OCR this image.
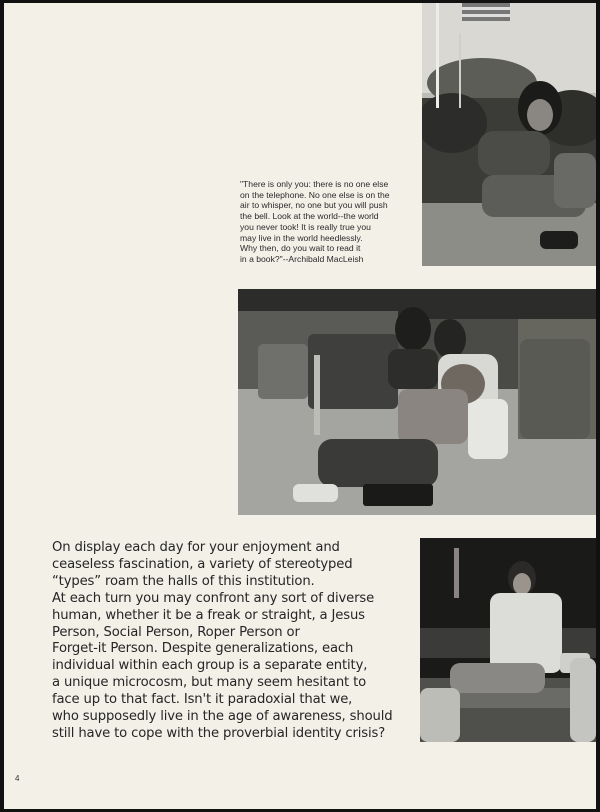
"There is only you: there is no one else
on the telephone. No one else is on the
air to whisper, no one but you will push
the bell. Look at the world--the world
you never took! It is really true you
may live in the world heedlessly.
Why then, do you wait to read it
in a book?"--Archibald MacLeish
On display each day for your enjoyment and
ceaseless fascination, a variety of stereotyped
“types” roam the halls of this institution.
At each turn you may confront any sort of diverse
human, whether it be a freak or straight, a Jesus
Person, Social Person, Roper Person or
Forget-it Person. Despite generalizations, each
individual within each group is a separate entity,
a unique microcosm, but many seem hesitant to
face up to that fact. Isn't it paradoxial that we,
who supposedly live in the age of awareness, should
still have to cope with the proverbial identity crisis?
4
